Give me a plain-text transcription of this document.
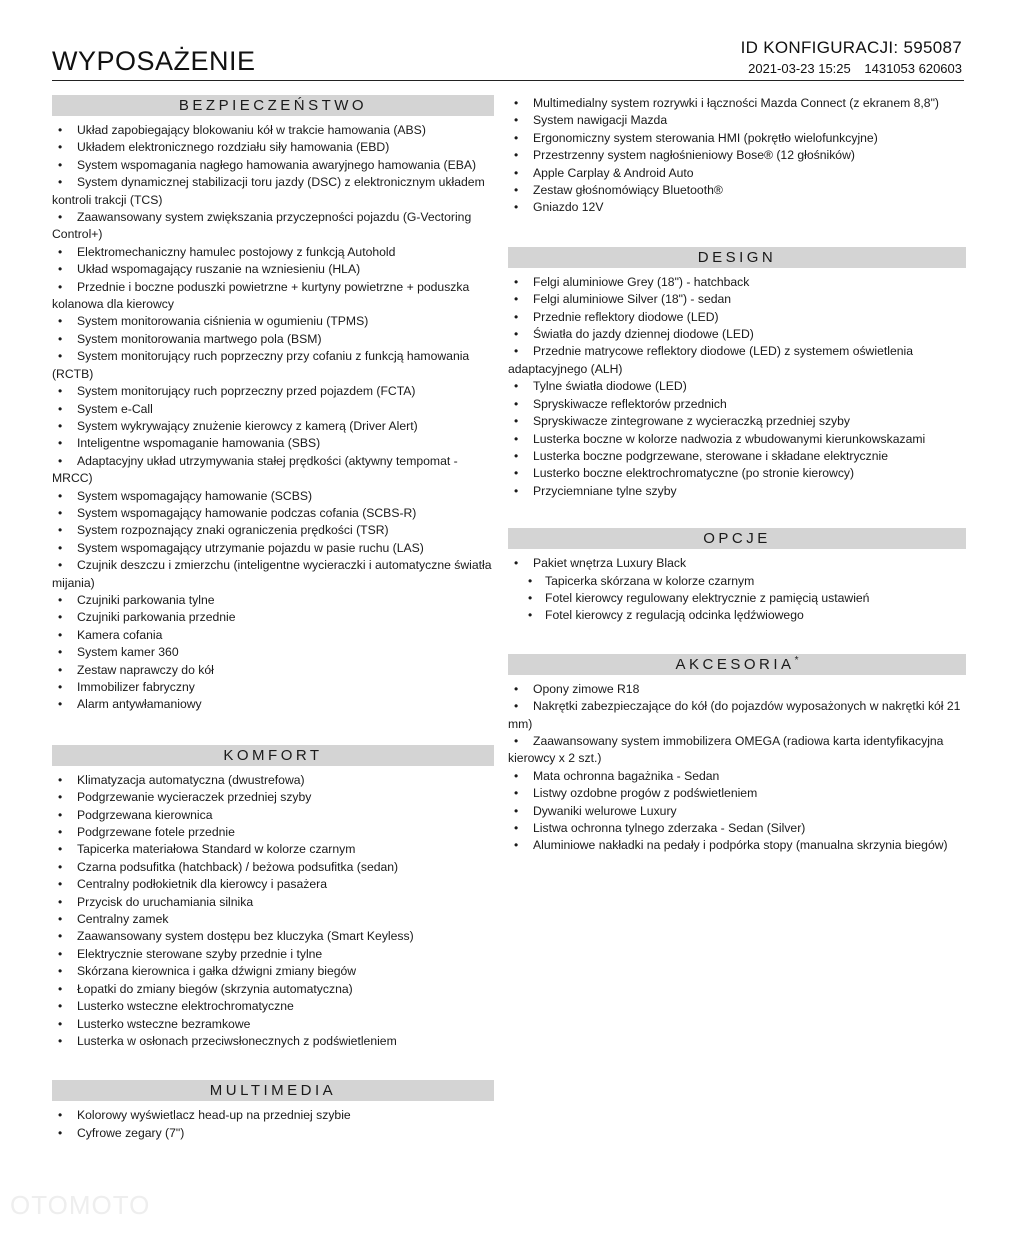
WYPOSAŻENIE	ID KONFIGURACJI: 595087
2021-03-23 15:25 1431053 620603
BEZPIECZEŃSTWO
• Układ zapobiegający blokowaniu kół w trakcie hamowania (ABS)
• Układem elektronicznego rozdziału siły hamowania (EBD)
• System wspomagania nagłego hamowania awaryjnego hamowania (EBA)
• System dynamicznej stabilizacji toru jazdy (DSC) z elektronicznym układem kontroli trakcji (TCS)
• Zaawansowany system zwiększania przyczepności pojazdu (G-Vectoring Control+)
• Elektromechaniczny hamulec postojowy z funkcją Autohold
• Układ wspomagający ruszanie na wzniesieniu (HLA)
• Przednie i boczne poduszki powietrzne + kurtyny powietrzne + poduszka kolanowa dla kierowcy
• System monitorowania ciśnienia w ogumieniu (TPMS)
• System monitorowania martwego pola (BSM)
• System monitorujący ruch poprzeczny przy cofaniu z funkcją hamowania (RCTB)
• System monitorujący ruch poprzeczny przed pojazdem (FCTA)
• System e-Call
• System wykrywający znużenie kierowcy z kamerą (Driver Alert)
• Inteligentne wspomaganie hamowania (SBS)
• Adaptacyjny układ utrzymywania stałej prędkości (aktywny tempomat - MRCC)
• System wspomagający hamowanie (SCBS)
• System wspomagający hamowanie podczas cofania (SCBS-R)
• System rozpoznający znaki ograniczenia prędkości (TSR)
• System wspomagający utrzymanie pojazdu w pasie ruchu (LAS)
• Czujnik deszczu i zmierzchu (inteligentne wycieraczki i automatyczne światła mijania)
• Czujniki parkowania tylne
• Czujniki parkowania przednie
• Kamera cofania
• System kamer 360
• Zestaw naprawczy do kół
• Immobilizer fabryczny
• Alarm antywłamaniowy
KOMFORT
• Klimatyzacja automatyczna (dwustrefowa)
• Podgrzewanie wycieraczek przedniej szyby
• Podgrzewana kierownica
• Podgrzewane fotele przednie
• Tapicerka materiałowa Standard w kolorze czarnym
• Czarna podsufitka (hatchback) / beżowa podsufitka (sedan)
• Centralny podłokietnik dla kierowcy i pasażera
• Przycisk do uruchamiania silnika
• Centralny zamek
• Zaawansowany system dostępu bez kluczyka (Smart Keyless)
• Elektrycznie sterowane szyby przednie i tylne
• Skórzana kierownica i gałka dźwigni zmiany biegów
• Łopatki do zmiany biegów (skrzynia automatyczna)
• Lusterko wsteczne elektrochromatyczne
• Lusterko wsteczne bezramkowe
• Lusterka w osłonach przeciwsłonecznych z podświetleniem
MULTIMEDIA
• Kolorowy wyświetlacz head-up na przedniej szybie
• Cyfrowe zegary (7")
• Multimedialny system rozrywki i łączności Mazda Connect (z ekranem 8,8")
• System nawigacji Mazda
• Ergonomiczny system sterowania HMI (pokrętło wielofunkcyjne)
• Przestrzenny system nagłośnieniowy Bose® (12 głośników)
• Apple Carplay & Android Auto
• Zestaw głośnomówiący Bluetooth®
• Gniazdo 12V
DESIGN
• Felgi aluminiowe Grey (18") - hatchback
• Felgi aluminiowe Silver (18") - sedan
• Przednie reflektory diodowe (LED)
• Światła do jazdy dziennej diodowe (LED)
• Przednie matrycowe reflektory diodowe (LED) z systemem oświetlenia adaptacyjnego (ALH)
• Tylne światła diodowe (LED)
• Spryskiwacze reflektorów przednich
• Spryskiwacze zintegrowane z wycieraczką przedniej szyby
• Lusterka boczne w kolorze nadwozia z wbudowanymi kierunkowskazami
• Lusterka boczne podgrzewane, sterowane i składane elektrycznie
• Lusterko boczne elektrochromatyczne (po stronie kierowcy)
• Przyciemniane tylne szyby
OPCJE
• Pakiet wnętrza Luxury Black
• Tapicerka skórzana w kolorze czarnym
• Fotel kierowcy regulowany elektrycznie z pamięcią ustawień
• Fotel kierowcy z regulacją odcinka lędźwiowego
AKCESORIA*
• Opony zimowe R18
• Nakrętki zabezpieczające do kół (do pojazdów wyposażonych w nakrętki kół 21 mm)
• Zaawansowany system immobilizera OMEGA (radiowa karta identyfikacyjna kierowcy x 2 szt.)
• Mata ochronna bagażnika - Sedan
• Listwy ozdobne progów z podświetleniem
• Dywaniki welurowe Luxury
• Listwa ochronna tylnego zderzaka - Sedan (Silver)
• Aluminiowe nakładki na pedały i podpórka stopy (manualna skrzynia biegów)
OTOMOTO
